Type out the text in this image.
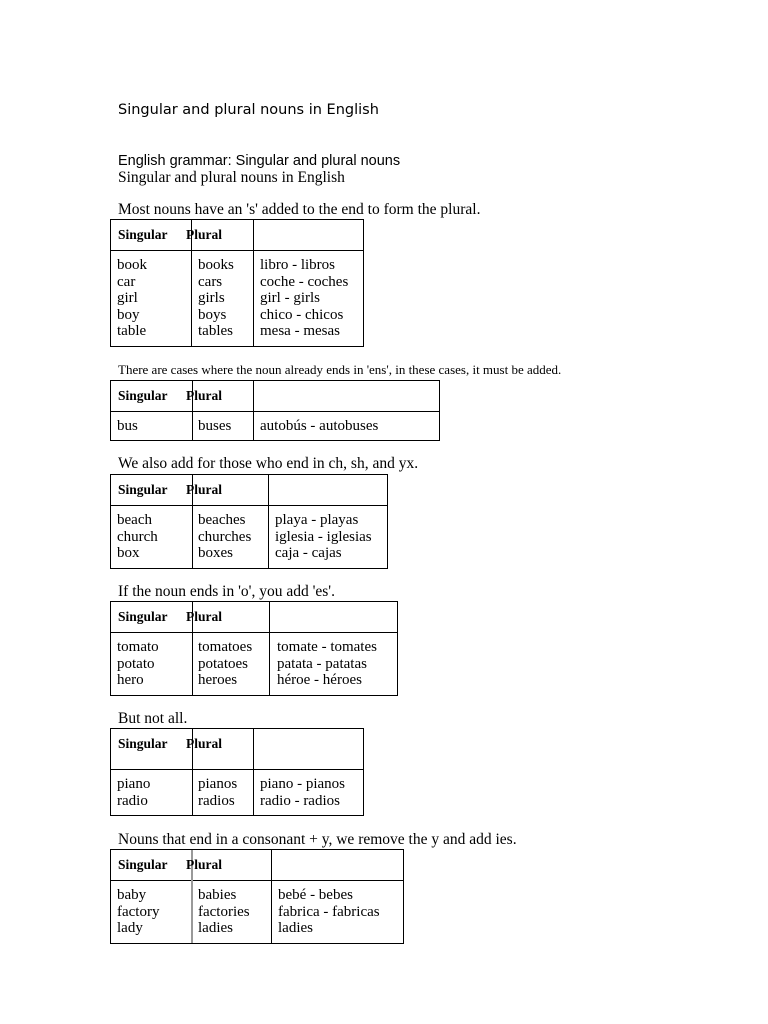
Singular and plural nouns in English
English grammar: Singular and plural nouns
Singular and plural nouns in English
Most nouns have an 's' added to the end to form the plural.
Singular Plural
book
car
girl
boy
table
books
cars
girls
boys
tables
libro - libros
coche - coches
girl - girls
chico - chicos
mesa - mesas
There are cases where the noun already ends in 'ens', in these cases, it must be added.
Singular Plural
bus	buses autobús - autobuses
We also add for those who end in ch, sh, and yx.
Singular Plural
beach
church
box
beaches
churches
boxes
playa - playas
iglesia - iglesias
caja - cajas
If the noun ends in 'o', you add 'es'.
Singular Plural
tomato
potato
hero
tomatoes
potatoes
heroes
tomate - tomates
patata - patatas
héroe - héroes
But not all.
Singular Plural
piano
radio
pianos
radios
piano - pianos
radio - radios
Nouns that end in a consonant + y, we remove the y and add ies.
Singular Plural
baby
factory
lady
babies
factories
ladies
bebé - bebes
fabrica - fabricas
ladies
